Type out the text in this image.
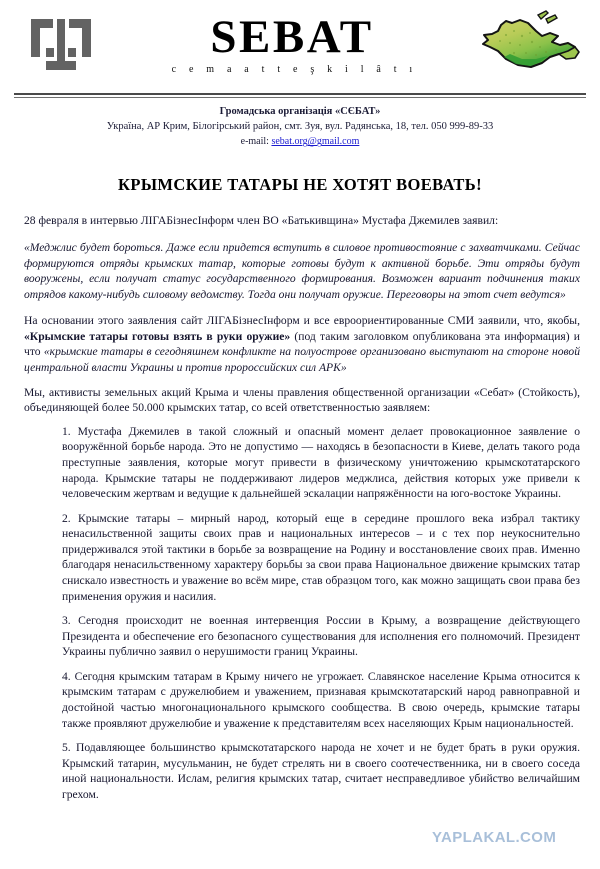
SEBAT
c e m a a t t e ş k i l â t ı
Громадська організація «СЄБАТ»
Україна, АР Крим, Білогірський район, смт. Зуя, вул. Радянська, 18, тел. 050 999-89-33
e-mail: sebat.org@gmail.com
КРЫМСКИЕ ТАТАРЫ НЕ ХОТЯТ ВОЕВАТЬ!

28 февраля в интервью ЛІГАБізнесІнформ член ВО «Батькивщина» Мустафа Джемилев заявил:

«Меджлис будет бороться. Даже если придется вступить в силовое противостояние с захватчиками. Сейчас формируются отряды крымских татар, которые готовы будут к активной борьбе. Эти отряды будут вооружены, если получат статус государственного формирования. Возможен вариант подчинения таких отрядов какому-нибудь силовому ведомству. Тогда они получат оружие. Переговоры на этот счет ведутся»

На основании этого заявления сайт ЛІГАБізнесІнформ и все евроориентированные СМИ заявили, что, якобы, «Крымские татары готовы взять в руки оружие» (под таким заголовком опубликована эта информация) и что «крымские татары в сегодняшнем конфликте на полуострове организовано выступают на стороне новой центральной власти Украины и против пророссийских сил АРК»

Мы, активисты земельных акций Крыма и члены правления общественной организации «Себат» (Стойкость), объединяющей более 50.000 крымских татар, со всей ответственностью заявляем:

1. Мустафа Джемилев в такой сложный и опасный момент делает провокационное заявление о вооружённой борьбе народа. Это не допустимо — находясь в безопасности в Киеве, делать такого рода преступные заявления, которые могут привести в физическому уничтожению крымскотатарского народа. Крымские татары не поддерживают лидеров меджлиса, действия которых уже привели к человеческим жертвам и ведущие к дальнейшей эскалации напряжённости на юго-востоке Украины.
2. Крымские татары – мирный народ, который еще в середине прошлого века избрал тактику ненасильственной защиты своих прав и национальных интересов – и с тех пор неукоснительно придерживался этой тактики в борьбе за возвращение на Родину и восстановление своих прав. Именно благодаря ненасильственному характеру борьбы за свои права Национальное движение крымских татар снискало известность и уважение во всём мире, став образцом того, как можно защищать свои права без применения оружия и насилия.
3. Сегодня происходит не военная интервенция России в Крыму, а возвращение действующего Президента и обеспечение его безопасного существования для исполнения его полномочий. Президент Украины публично заявил о нерушимости границ Украины.
4. Сегодня крымским татарам в Крыму ничего не угрожает. Славянское население Крыма относится к крымским татарам с дружелюбием и уважением, признавая крымскотатарский народ равноправной и достойной частью многонационального крымского сообщества. В свою очередь, крымские татары также проявляют дружелюбие и уважение к представителям всех населяющих Крым национальностей.
5. Подавляющее большинство крымскотатарского народа не хочет и не будет брать в руки оружия. Крымский татарин, мусульманин, не будет стрелять ни в своего соотечественника, ни в своего соседа иной национальности. Ислам, религия крымских татар, считает несправедливое убийство величайшим грехом.
YAPLAKAL.COM
